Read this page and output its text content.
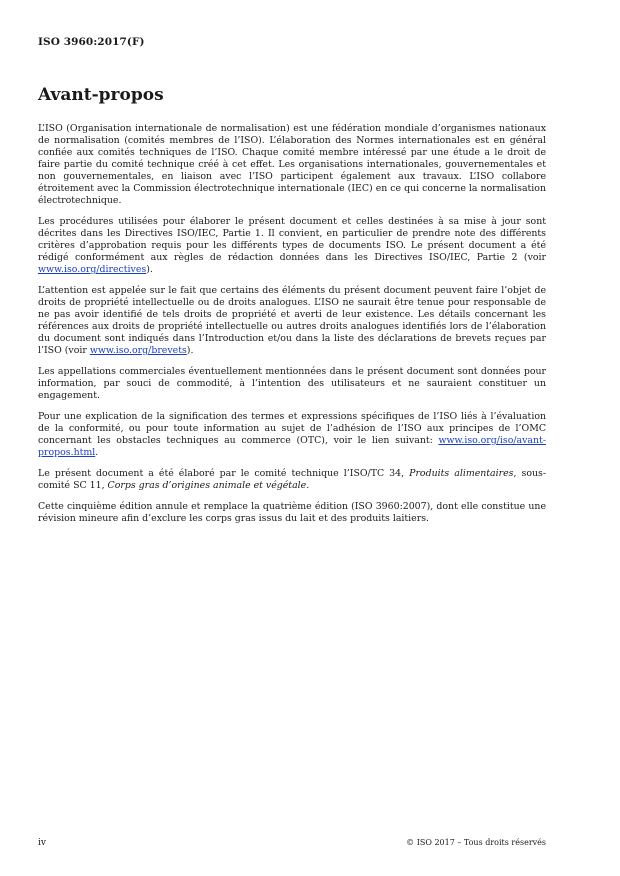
ISO 3960:2017(F)
Avant-propos

L’ISO (Organisation internationale de normalisation) est une fédération mondiale d’organismes nationaux de normalisation (comités membres de l’ISO). L’élaboration des Normes internationales est en général confiée aux comités techniques de l’ISO. Chaque comité membre intéressé par une étude a le droit de faire partie du comité technique créé à cet effet. Les organisations internationales, gouvernementales et non gouvernementales, en liaison avec l’ISO participent également aux travaux. L’ISO collabore étroitement avec la Commission électrotechnique internationale (IEC) en ce qui concerne la normalisation électrotechnique.

Les procédures utilisées pour élaborer le présent document et celles destinées à sa mise à jour sont décrites dans les Directives ISO/IEC, Partie 1. Il convient, en particulier de prendre note des différents critères d’approbation requis pour les différents types de documents ISO. Le présent document a été rédigé conformément aux règles de rédaction données dans les Directives ISO/IEC, Partie 2 (voir www.iso.org/directives).

L’attention est appelée sur le fait que certains des éléments du présent document peuvent faire l’objet de droits de propriété intellectuelle ou de droits analogues. L’ISO ne saurait être tenue pour responsable de ne pas avoir identifié de tels droits de propriété et averti de leur existence. Les détails concernant les références aux droits de propriété intellectuelle ou autres droits analogues identifiés lors de l’élaboration du document sont indiqués dans l’Introduction et/ou dans la liste des déclarations de brevets reçues par l’ISO (voir www.iso.org/brevets).

Les appellations commerciales éventuellement mentionnées dans le présent document sont données pour information, par souci de commodité, à l’intention des utilisateurs et ne sauraient constituer un engagement.

Pour une explication de la signification des termes et expressions spécifiques de l’ISO liés à l’évaluation de la conformité, ou pour toute information au sujet de l’adhésion de l’ISO aux principes de l’OMC concernant les obstacles techniques au commerce (OTC), voir le lien suivant: www.iso.org/iso/avant-propos.html.

Le présent document a été élaboré par le comité technique l’ISO/TC 34, Produits alimentaires, sous-comité SC 11, Corps gras d’origines animale et végétale.

Cette cinquième édition annule et remplace la quatrième édition (ISO 3960:2007), dont elle constitue une révision mineure afin d’exclure les corps gras issus du lait et des produits laitiers.

iv	© ISO 2017 – Tous droits réservés
